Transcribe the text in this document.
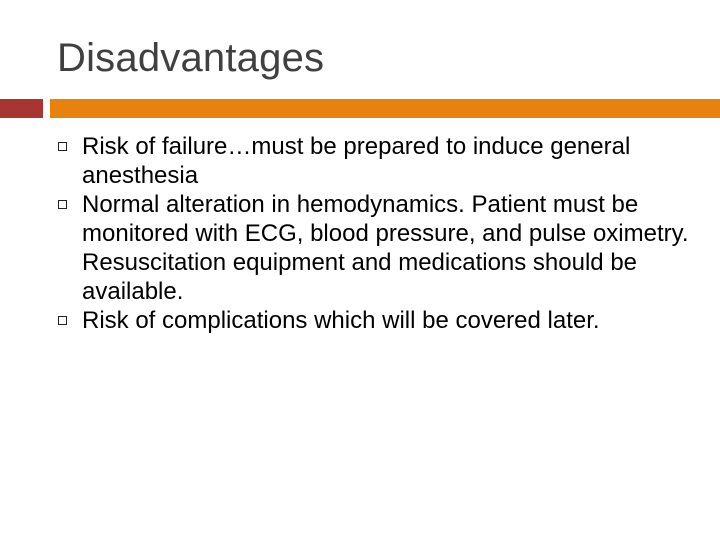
Disadvantages
Risk of failure…must be prepared to induce general anesthesia
Normal alteration in hemodynamics. Patient must be monitored with ECG, blood pressure, and pulse oximetry. Resuscitation equipment and medications should be available.
Risk of complications which will be covered later.
